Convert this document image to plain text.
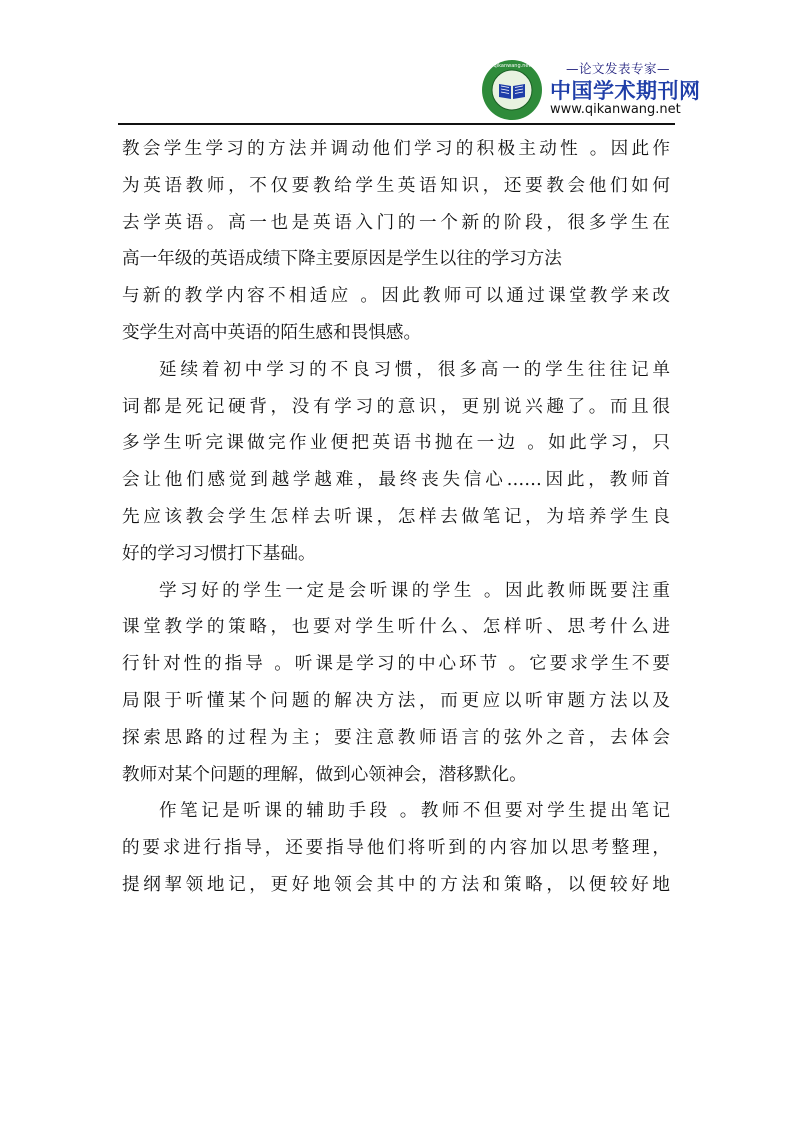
qikanwang.net	—论文发表专家—
中国学术期刊网
www.qikanwang.net
教会学生学习的方法并调动他们学习的积极主动性 。因此作
为英语教师，不仅要教给学生英语知识，还要教会他们如何
去学英语。高一也是英语入门的一个新的阶段，很多学生在
高一年级的英语成绩下降主要原因是学生以往的学习方法
与新的教学内容不相适应 。因此教师可以通过课堂教学来改
变学生对高中英语的陌生感和畏惧感。
延续着初中学习的不良习惯，很多高一的学生往往记单
词都是死记硬背，没有学习的意识，更别说兴趣了。而且很
多学生听完课做完作业便把英语书抛在一边 。如此学习，只
会让他们感觉到越学越难，最终丧失信心……因此，教师首
先应该教会学生怎样去听课，怎样去做笔记，为培养学生良
好的学习习惯打下基础。
学习好的学生一定是会听课的学生 。因此教师既要注重
课堂教学的策略，也要对学生听什么、怎样听、思考什么进
行针对性的指导 。听课是学习的中心环节 。它要求学生不要
局限于听懂某个问题的解决方法，而更应以听审题方法以及
探索思路的过程为主；要注意教师语言的弦外之音，去体会
教师对某个问题的理解，做到心领神会，潜移默化。
作笔记是听课的辅助手段 。教师不但要对学生提出笔记
的要求进行指导，还要指导他们将听到的内容加以思考整理，
提纲挈领地记，更好地领会其中的方法和策略，以便较好地
